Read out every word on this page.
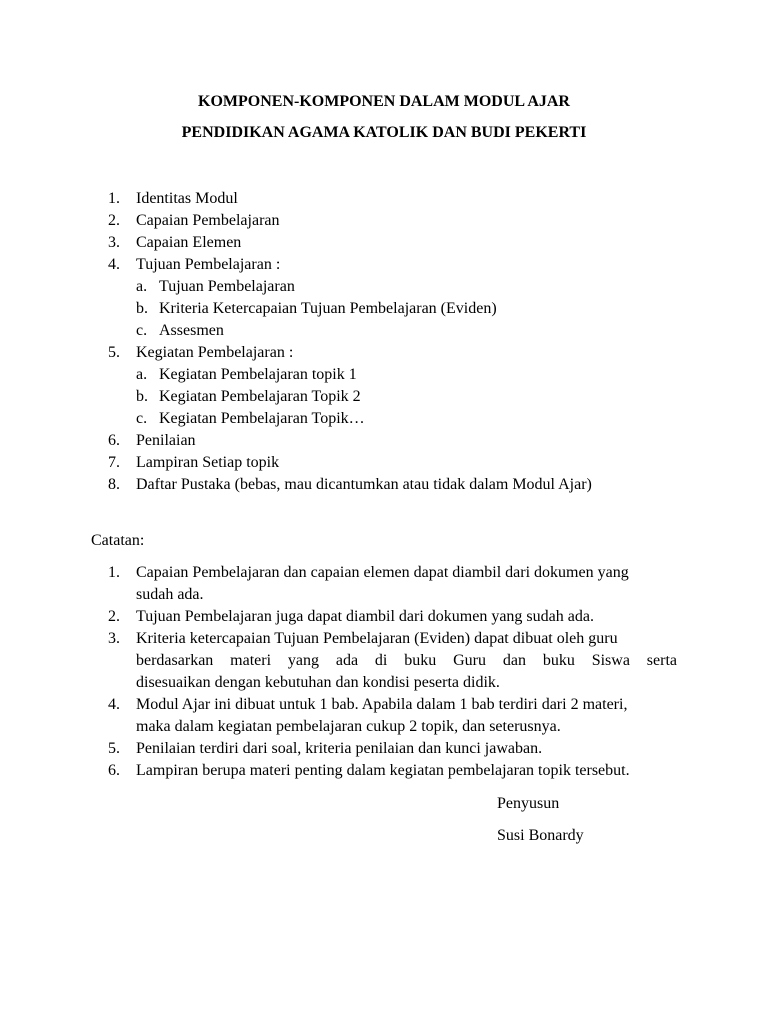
KOMPONEN-KOMPONEN DALAM MODUL AJAR
PENDIDIKAN AGAMA KATOLIK DAN BUDI PEKERTI
1.	Identitas Modul
2.	Capaian Pembelajaran
3.	Capaian Elemen
4.	Tujuan Pembelajaran :
a. Tujuan Pembelajaran
b. Kriteria Ketercapaian Tujuan Pembelajaran (Eviden)
c. Assesmen
5.	Kegiatan Pembelajaran :
a. Kegiatan Pembelajaran topik 1
b. Kegiatan Pembelajaran Topik 2
c. Kegiatan Pembelajaran Topik…
6.	Penilaian
7.	Lampiran Setiap topik
8.	Daftar Pustaka (bebas, mau dicantumkan atau tidak dalam Modul Ajar)
Catatan:
1.	Capaian Pembelajaran dan capaian elemen dapat diambil dari dokumen yang
sudah ada.
2.	Tujuan Pembelajaran juga dapat diambil dari dokumen yang sudah ada.
3.	Kriteria ketercapaian Tujuan Pembelajaran (Eviden) dapat dibuat oleh guru
berdasarkan materi yang ada di buku Guru dan buku Siswa serta
disesuaikan dengan kebutuhan dan kondisi peserta didik.
4.	Modul Ajar ini dibuat untuk 1 bab. Apabila dalam 1 bab terdiri dari 2 materi,
maka dalam kegiatan pembelajaran cukup 2 topik, dan seterusnya.
5.	Penilaian terdiri dari soal, kriteria penilaian dan kunci jawaban.
6.	Lampiran berupa materi penting dalam kegiatan pembelajaran topik tersebut.
Penyusun
Susi Bonardy
